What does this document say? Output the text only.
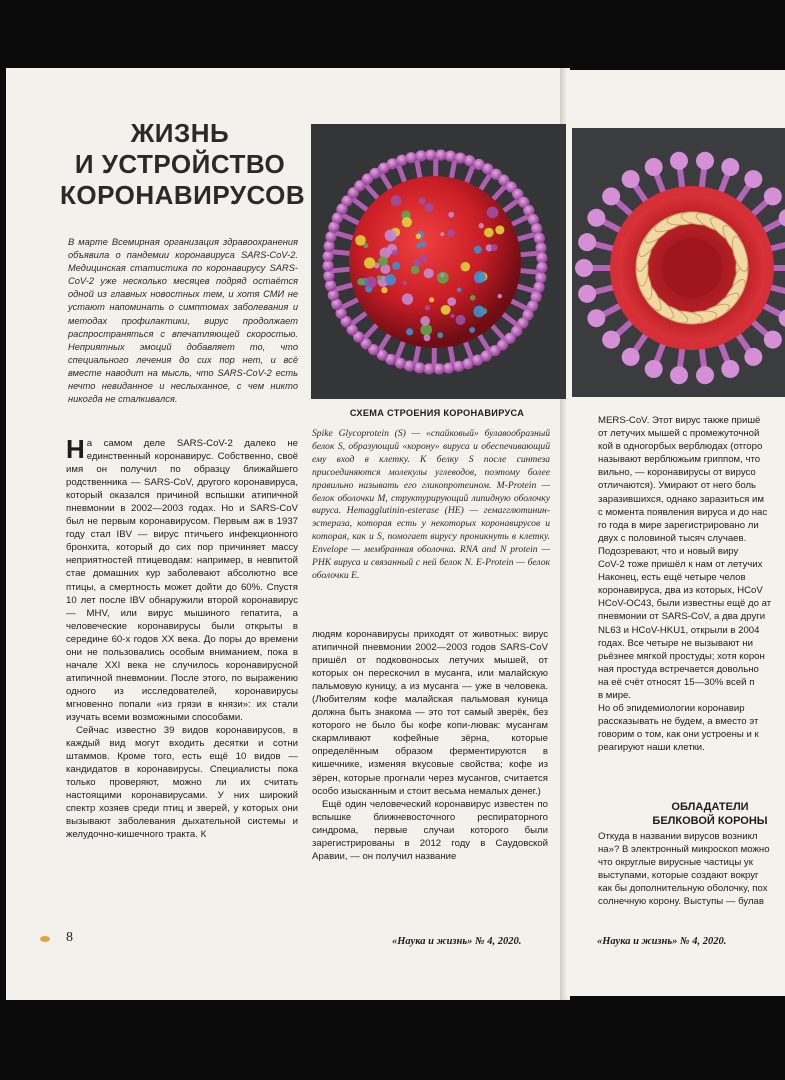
ЖИЗНЬ
И УСТРОЙСТВО
КОРОНАВИРУСОВ
В марте Всемирная организация здравоохранения объявила о пандемии коронавируса SARS-CoV-2. Медицинская статистика по коронавирусу SARS-CoV-2 уже несколько месяцев подряд остаётся одной из главных новостных тем, и хотя СМИ не устают напоминать о симптомах заболевания и методах профилактики, вирус продолжает распространяться с впечатляющей скоростью. Неприятных эмоций добавляет то, что специального лечения до сих пор нет, и всё вместе наводит на мысль, что SARS-CoV-2 есть нечто невиданное и неслыханное, с чем никто никогда не сталкивался.
СХЕМА СТРОЕНИЯ КОРОНАВИРУСА
Spike Glycoprotein (S) — «спайковый» булавообразный белок S, образующий «корону» вируса и обеспечивающий ему вход в клетку. К белку S после синтеза присоединяются молекулы углеводов, поэтому более правильно называть его гликопротеином. M-Protein — белок оболочки M, структурирующий липидную оболочку вируса. Hemagglutinin-esterase (HE) — гемагглютинин-эстераза, которая есть у некоторых коронавирусов и которая, как и S, помогает вирусу проникнуть в клетку. Envelope — мембранная оболочка. RNA and N protein — РНК вируса и связанный с ней белок N. E-Protein — белок оболочки E.

На самом деле SARS-CoV-2 далеко не единственный коронавирус. Собственно, своё имя он получил по образцу ближайшего родственника — SARS-CoV, другого коронавируса, который оказался причиной вспышки атипичной пневмонии в 2002—2003 годах. Но и SARS-CoV был не первым коронавирусом. Первым аж в 1937 году стал IBV — вирус птичьего инфекционного бронхита, который до сих пор причиняет массу неприятностей птицеводам: например, в невпитой стае домашних кур заболевают абсолютно все птицы, а смертность может дойти до 60%. Спустя 10 лет после IBV обнаружили второй коронавирус — MHV, или вирус мышиного гепатита, а человеческие коронавирусы были открыты в середине 60-х годов XX века. До поры до времени они не пользовались особым вниманием, пока в начале XXI века не случилось коронавирусной атипичной пневмонии. После этого, по выражению одного из исследователей, коронавирусы мгновенно попали «из грязи в князи»: их стали изучать всеми возможными способами.

Сейчас известно 39 видов коронавирусов, в каждый вид могут входить десятки и сотни штаммов. Кроме того, есть ещё 10 видов — кандидатов в коронавирусы. Специалисты пока только проверяют, можно ли их считать настоящими коронавирусами. У них широкий спектр хозяев среди птиц и зверей, у которых они вызывают заболевания дыхательной системы и желудочно-кишечного тракта. К

людям коронавирусы приходят от животных: вирус атипичной пневмонии 2002—2003 годов SARS-CoV пришёл от подковоносых летучих мышей, от которых он перескочил в мусанга, или малайскую пальмовую куницу, а из мусанга — уже в человека. (Любителям кофе малайская пальмовая куница должна быть знакома — это тот самый зверёк, без которого не было бы кофе копи-лювак: мусангам скармливают кофейные зёрна, которые определённым образом ферментируются в кишечнике, изменяя вкусовые свойства; кофе из зёрен, которые прогнали через мусангов, считается особо изысканным и стоит весьма немалых денег.)

Ещё один человеческий коронавирус известен по вспышке ближневосточного респираторного синдрома, первые случаи которого были зарегистрированы в 2012 году в Саудовской Аравии, — он получил название

8	«Наука и жизнь» № 4, 2020.

MERS-CoV. Этот вирус также пришё

от летучих мышей с промежуточной

кой в одногорбых верблюдах (отгоро

называют верблюжьим гриппом, что

вильно, — коронавирусы от вирусо

отличаются). Умирают от него боль

заразившихся, однако заразиться им

с момента появления вируса и до нас

го года в мире зарегистрировано ли

двух с половиной тысяч случаев.

Подозревают, что и новый виру

CoV-2 тоже пришёл к нам от летучих

Наконец, есть ещё четыре челов

коронавируса, два из которых, HCoV

HCoV-OC43, были известны ещё до ат

пневмонии от SARS-CoV, а два други

NL63 и HCoV-HKU1, открыли в 2004

годах. Все четыре не вызывают ни

рьёзнее мягкой простуды; хотя корон

ная простуда встречается довольно

на её счёт относят 15—30% всей п

в мире.

Но об эпидемиологии коронавир

рассказывать не будем, а вместо эт

говорим о том, как они устроены и к

реагируют наши клетки.

ОБЛАДАТЕЛИ
БЕЛКОВОЙ КОРОНЫ

Откуда в названии вирусов возникл

на»? В электронный микроскоп можно

что округлые вирусные частицы ук

выступами, которые создают вокруг

как бы дополнительную оболочку, пох

солнечную корону. Выступы — булав

«Наука и жизнь» № 4, 2020.
